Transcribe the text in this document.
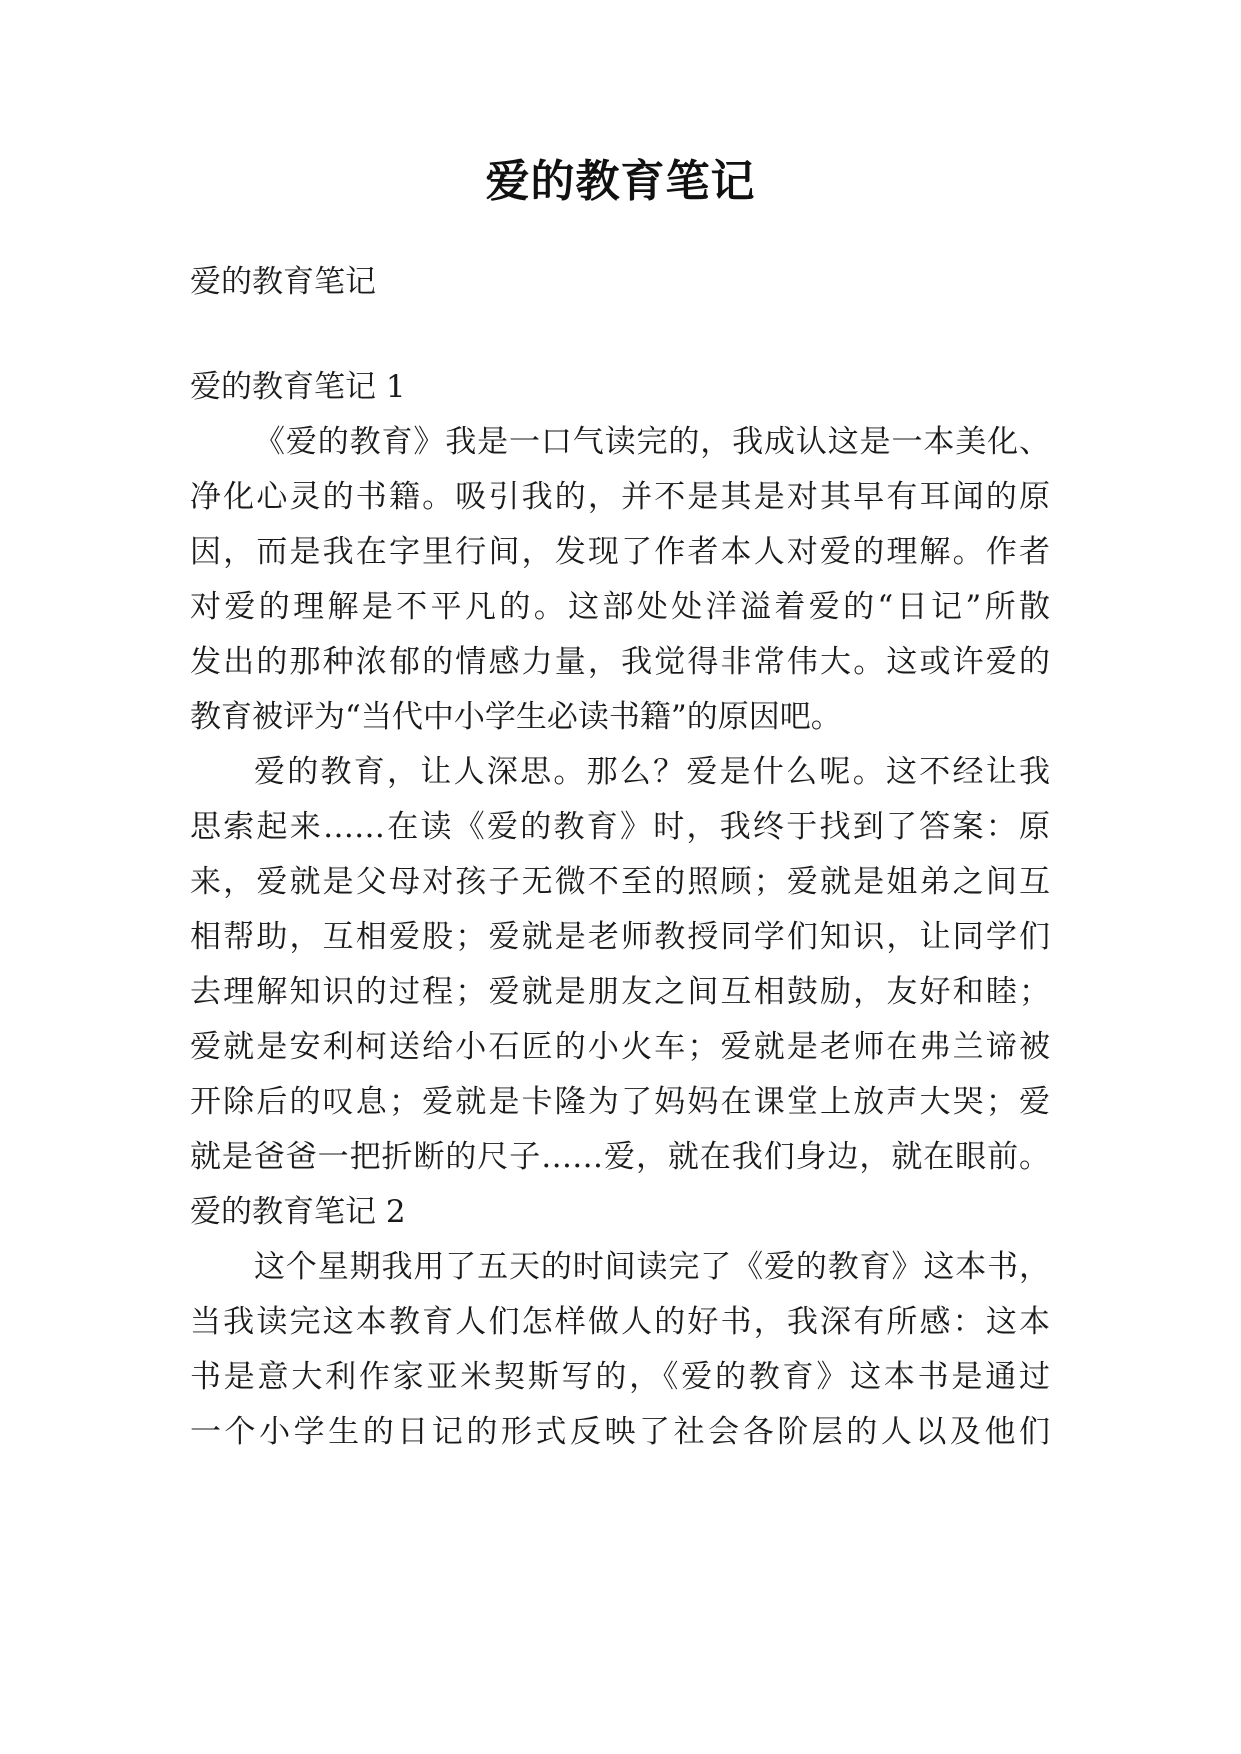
爱的教育笔记
爱的教育笔记
爱的教育笔记 1
《爱的教育》我是一口气读完的，我成认这是一本美化、
净化心灵的书籍。吸引我的，并不是其是对其早有耳闻的原
因，而是我在字里行间，发现了作者本人对爱的理解。作者
对爱的理解是不平凡的。这部处处洋溢着爱的“日记”所散
发出的那种浓郁的情感力量，我觉得非常伟大。这或许爱的
教育被评为“当代中小学生必读书籍”的原因吧。
爱的教育，让人深思。那么？爱是什么呢。这不经让我
思索起来……在读《爱的教育》时，我终于找到了答案：原
来，爱就是父母对孩子无微不至的照顾；爱就是姐弟之间互
相帮助，互相爱股；爱就是老师教授同学们知识，让同学们
去理解知识的过程；爱就是朋友之间互相鼓励，友好和睦；
爱就是安利柯送给小石匠的小火车；爱就是老师在弗兰谛被
开除后的叹息；爱就是卡隆为了妈妈在课堂上放声大哭；爱
就是爸爸一把折断的尺子……爱，就在我们身边，就在眼前。
爱的教育笔记 2
这个星期我用了五天的时间读完了《爱的教育》这本书，
当我读完这本教育人们怎样做人的好书，我深有所感：这本
书是意大利作家亚米契斯写的，《爱的教育》这本书是通过
一个小学生的日记的形式反映了社会各阶层的人以及他们
